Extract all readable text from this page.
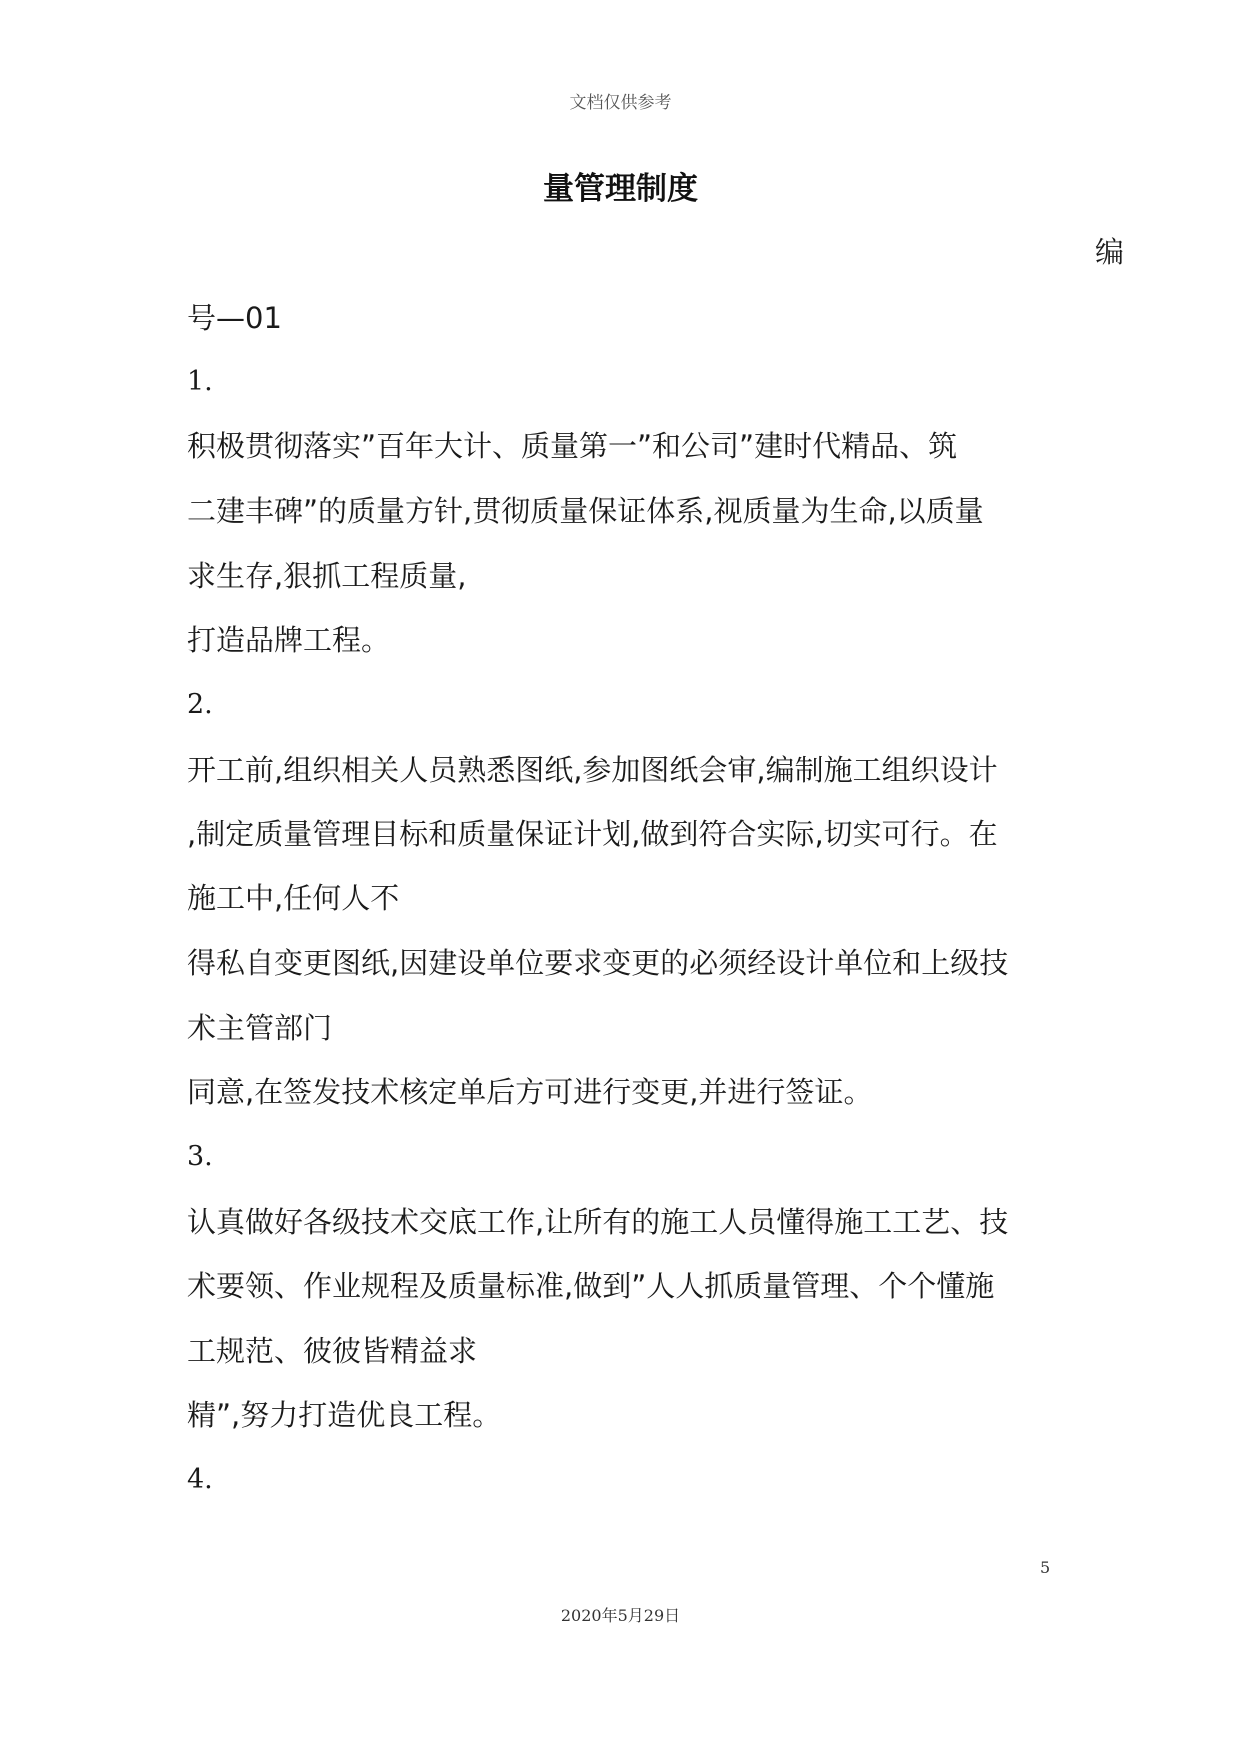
文档仅供参考
量管理制度
编
号—01
1.
积极贯彻落实”百年大计、质量第一”和公司”建时代精品、筑
二建丰碑”的质量方针,贯彻质量保证体系,视质量为生命,以质量
求生存,狠抓工程质量,
打造品牌工程。
2.
开工前,组织相关人员熟悉图纸,参加图纸会审,编制施工组织设计
,制定质量管理目标和质量保证计划,做到符合实际,切实可行。在
施工中,任何人不
得私自变更图纸,因建设单位要求变更的必须经设计单位和上级技
术主管部门
同意,在签发技术核定单后方可进行变更,并进行签证。
3.
认真做好各级技术交底工作,让所有的施工人员懂得施工工艺、技
术要领、作业规程及质量标准,做到”人人抓质量管理、个个懂施
工规范、彼彼皆精益求
精”,努力打造优良工程。
4.
5
2020年5月29日
